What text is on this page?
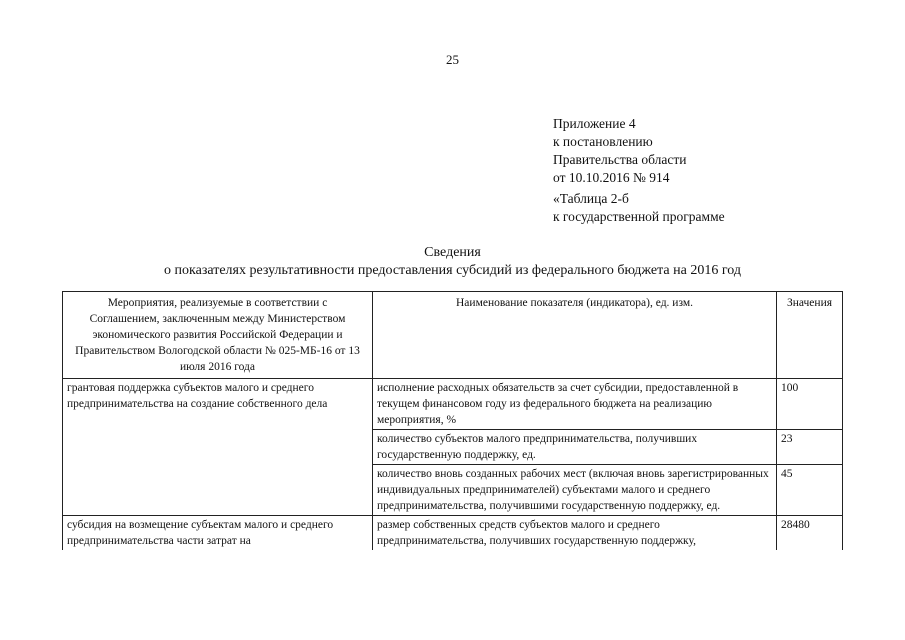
25
Приложение 4
к постановлению
Правительства области
от 10.10.2016 № 914
«Таблица 2-б
к государственной программе
Сведения
о показателях результативности предоставления субсидий из федерального бюджета на 2016 год
Мероприятия, реализуемые в соответствии с Соглашением, заключенным между Министерством экономического развития Российской Федерации и Правительством Вологодской области № 025-МБ-16 от 13 июля 2016 года	Наименование показателя (индикатора), ед. изм.	Значения
грантовая поддержка субъектов малого и среднего предпринимательства на создание собственного дела	исполнение расходных обязательств за счет субсидии, предоставленной в текущем финансовом году из федерального бюджета на реализацию мероприятия, %	100
	количество субъектов малого предпринимательства, получивших государственную поддержку, ед.	23
	количество вновь созданных рабочих мест (включая вновь зарегистрированных индивидуальных предпринимателей) субъектами малого и среднего предпринимательства, получившими государственную поддержку, ед.	45
субсидия на возмещение субъектам малого и среднего предпринимательства части затрат на	размер собственных средств субъектов малого и среднего предпринимательства, получивших государственную поддержку,	28480
